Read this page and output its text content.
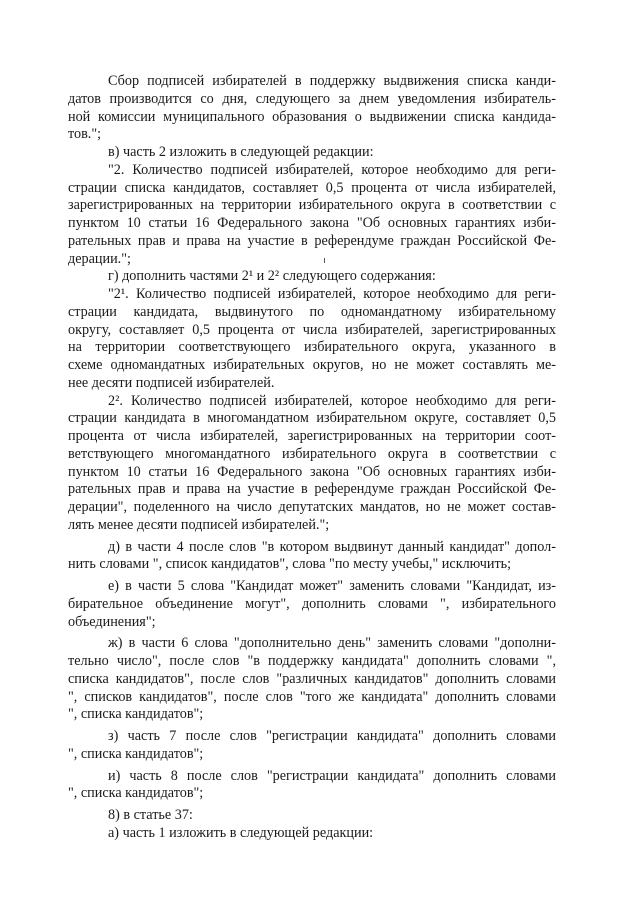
Сбор подписей избирателей в поддержку выдвижения списка канди-
датов производится со дня, следующего за днем уведомления избиратель-
ной комиссии муниципального образования о выдвижении списка кандида-
тов.";
в) часть 2 изложить в следующей редакции:
"2. Количество подписей избирателей, которое необходимо для реги-
страции списка кандидатов, составляет 0,5 процента от числа избирателей,
зарегистрированных на территории избирательного округа в соответствии с
пунктом 10 статьи 16 Федерального закона "Об основных гарантиях изби-
рательных прав и права на участие в референдуме граждан Российской Фе-
дерации.";
г) дополнить частями 2¹ и 2² следующего содержания:
"2¹. Количество подписей избирателей, которое необходимо для реги-
страции кандидата, выдвинутого по одномандатному избирательному
округу, составляет 0,5 процента от числа избирателей, зарегистрированных
на территории соответствующего избирательного округа, указанного в
схеме одномандатных избирательных округов, но не может составлять ме-
нее десяти подписей избирателей.
2². Количество подписей избирателей, которое необходимо для реги-
страции кандидата в многомандатном избирательном округе, составляет 0,5
процента от числа избирателей, зарегистрированных на территории соот-
ветствующего многомандатного избирательного округа в соответствии с
пунктом 10 статьи 16 Федерального закона "Об основных гарантиях изби-
рательных прав и права на участие в референдуме граждан Российской Фе-
дерации", поделенного на число депутатских мандатов, но не может состав-
лять менее десяти подписей избирателей.";
д) в части 4 после слов "в котором выдвинут данный кандидат" допол-
нить словами ", список кандидатов", слова "по месту учебы," исключить;
е) в части 5 слова "Кандидат может" заменить словами "Кандидат, из-
бирательное объединение могут", дополнить словами ", избирательного
объединения";
ж) в части 6 слова "дополнительно день" заменить словами "дополни-
тельно число", после слов "в поддержку кандидата" дополнить словами ",
списка кандидатов", после слов "различных кандидатов" дополнить словами
", списков кандидатов", после слов "того же кандидата" дополнить словами
", списка кандидатов";
з) часть 7 после слов "регистрации кандидата" дополнить словами
", списка кандидатов";
и) часть 8 после слов "регистрации кандидата" дополнить словами
", списка кандидатов";
8) в статье 37:
а) часть 1 изложить в следующей редакции:
